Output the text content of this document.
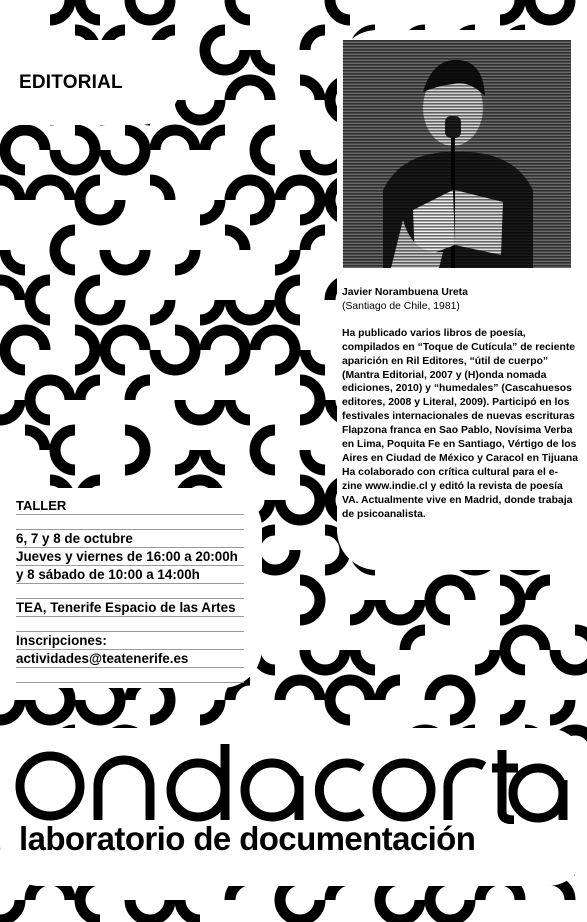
EDITORIAL

Javier Norambuena Ureta

(Santiago de Chile, 1981)

Ha publicado varios libros de poesía, compilados en “Toque de Cutícula” de reciente aparición en Ril Editores, “útil de cuerpo” (Mantra Editorial, 2007 y (H)onda nomada ediciones, 2010) y “humedales” (Cascahuesos editores, 2008 y Literal, 2009). Participó en los festivales internacionales de nuevas escrituras Flapzona franca en Sao Pablo, Novísima Verba en Lima, Poquita Fe en Santiago, Vértigo de los Aires en Ciudad de México y Caracol en Tijuana Ha colaborado con crítica cultural para el e-zine www.indie.cl y editó la revista de poesía VA. Actualmente vive en Madrid, donde trabaja de psicoanalista.

TALLER
6, 7 y 8 de octubre
Jueves y viernes de 16:00 a 20:00h
y 8 sábado de 10:00 a 14:00h
TEA, Tenerife Espacio de las Artes
Inscripciones:
actividades@teatenerife.es

laboratorio de documentación
